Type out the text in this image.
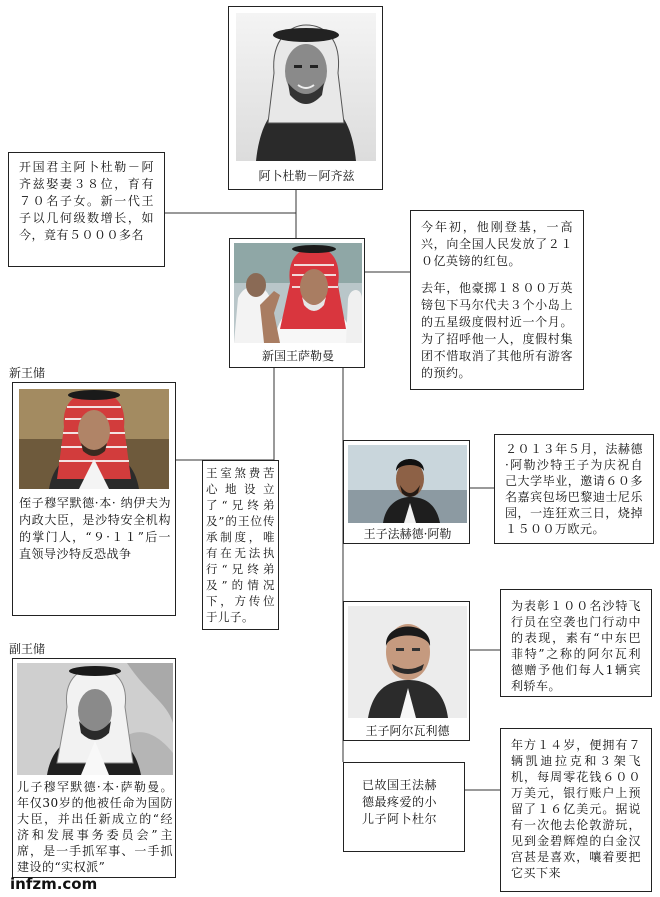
阿卜杜勒－阿齐兹
开国君主阿卜杜勒－阿齐兹娶妻３８位，育有７０名子女。新一代王子以几何级数增长，如今，竟有５０００多名
新国王萨勒曼
今年初，他刚登基，一高兴，向全国人民发放了２１０亿英镑的红包。
去年，他豪掷１８００万英镑包下马尔代夫３个小岛上的五星级度假村近一个月。为了招呼他一人，度假村集团不惜取消了其他所有游客的预约。
新王储
侄子穆罕默德·本· 纳伊夫为内政大臣，是沙特安全机构的掌门人，“９·１１”后一直领导沙特反恐战争
王室煞费苦心地设立了“兄终弟及”的王位传承制度，唯有在无法执行“兄终弟及”的情况下，方传位于儿子。
副王储
儿子穆罕默德·本·萨勒曼。年仅30岁的他被任命为国防大臣，并出任新成立的“经济和发展事务委员会”主席，是一手抓军事、一手抓建设的“实权派”
王子法赫德·阿勒
２０１３年５月，法赫德·阿勒沙特王子为庆祝自己大学毕业，邀请６０多名嘉宾包场巴黎迪士尼乐园，一连狂欢三日，烧掉１５００万欧元。
王子阿尔瓦利德
为表彰１００名沙特飞行员在空袭也门行动中的表现，素有“中东巴菲特”之称的阿尔瓦利德赠予他们每人1辆宾利轿车。
已故国王法赫德最疼爱的小儿子阿卜杜尔
年方１４岁，便拥有７辆凯迪拉克和３架飞机，每周零花钱６００万美元，银行账户上预留了１６亿美元。据说有一次他去伦敦游玩，见到金碧辉煌的白金汉宫甚是喜欢，嚷着要把它买下来
infzm.com
